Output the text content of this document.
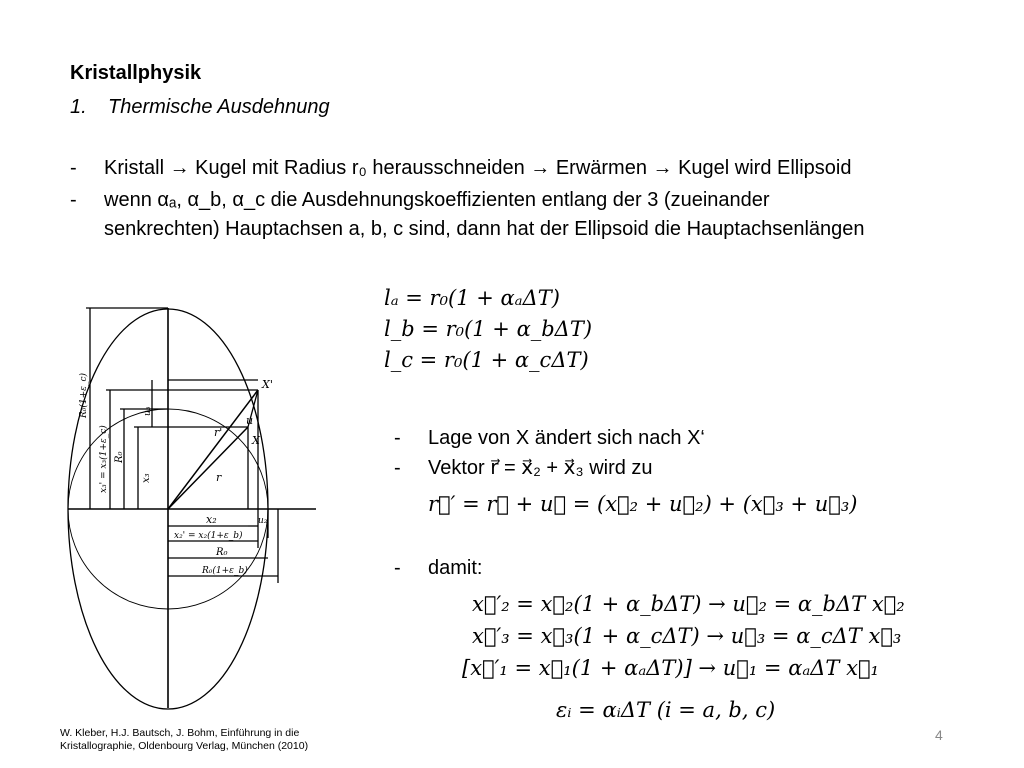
Kristallphysik
1. Thermische Ausdehnung
- Kristall → Kugel mit Radius r₀ herausschneiden → Erwärmen → Kugel wird Ellipsoid
- wenn αₐ, α_b, α_c die Ausdehnungskoeffizienten entlang der 3 (zueinander
senkrechten) Hauptachsen a, b, c sind, dann hat der Ellipsoid die Hauptachsenlängen
lₐ = r₀(1 + αₐΔT)
l_b = r₀(1 + α_bΔT)
l_c = r₀(1 + α_cΔT)
X'
X
u
r'
r
x₂	u₂
x₂' = x₂(1+ε_b)
R₀
R₀(1+ε_b)
R₀(1+ε_c)
x₃' = x₃(1+ε_c) R₀
x₃
u₃
- Lage von X ändert sich nach X‘
- Vektor r⃗ = x⃗₂ + x⃗₃ wird zu
r⃗′ = r⃗ + u⃗ = (x⃗₂ + u⃗₂) + (x⃗₃ + u⃗₃)
- damit:
x⃗′₂ = x⃗₂(1 + α_bΔT) → u⃗₂ = α_bΔT x⃗₂
x⃗′₃ = x⃗₃(1 + α_cΔT) → u⃗₃ = α_cΔT x⃗₃
[x⃗′₁ = x⃗₁(1 + αₐΔT)] → u⃗₁ = αₐΔT x⃗₁
εᵢ = αᵢΔT (i = a, b, c)
W. Kleber, H.J. Bautsch, J. Bohm, Einführung in die
Kristallographie, Oldenbourg Verlag, München (2010)
4
